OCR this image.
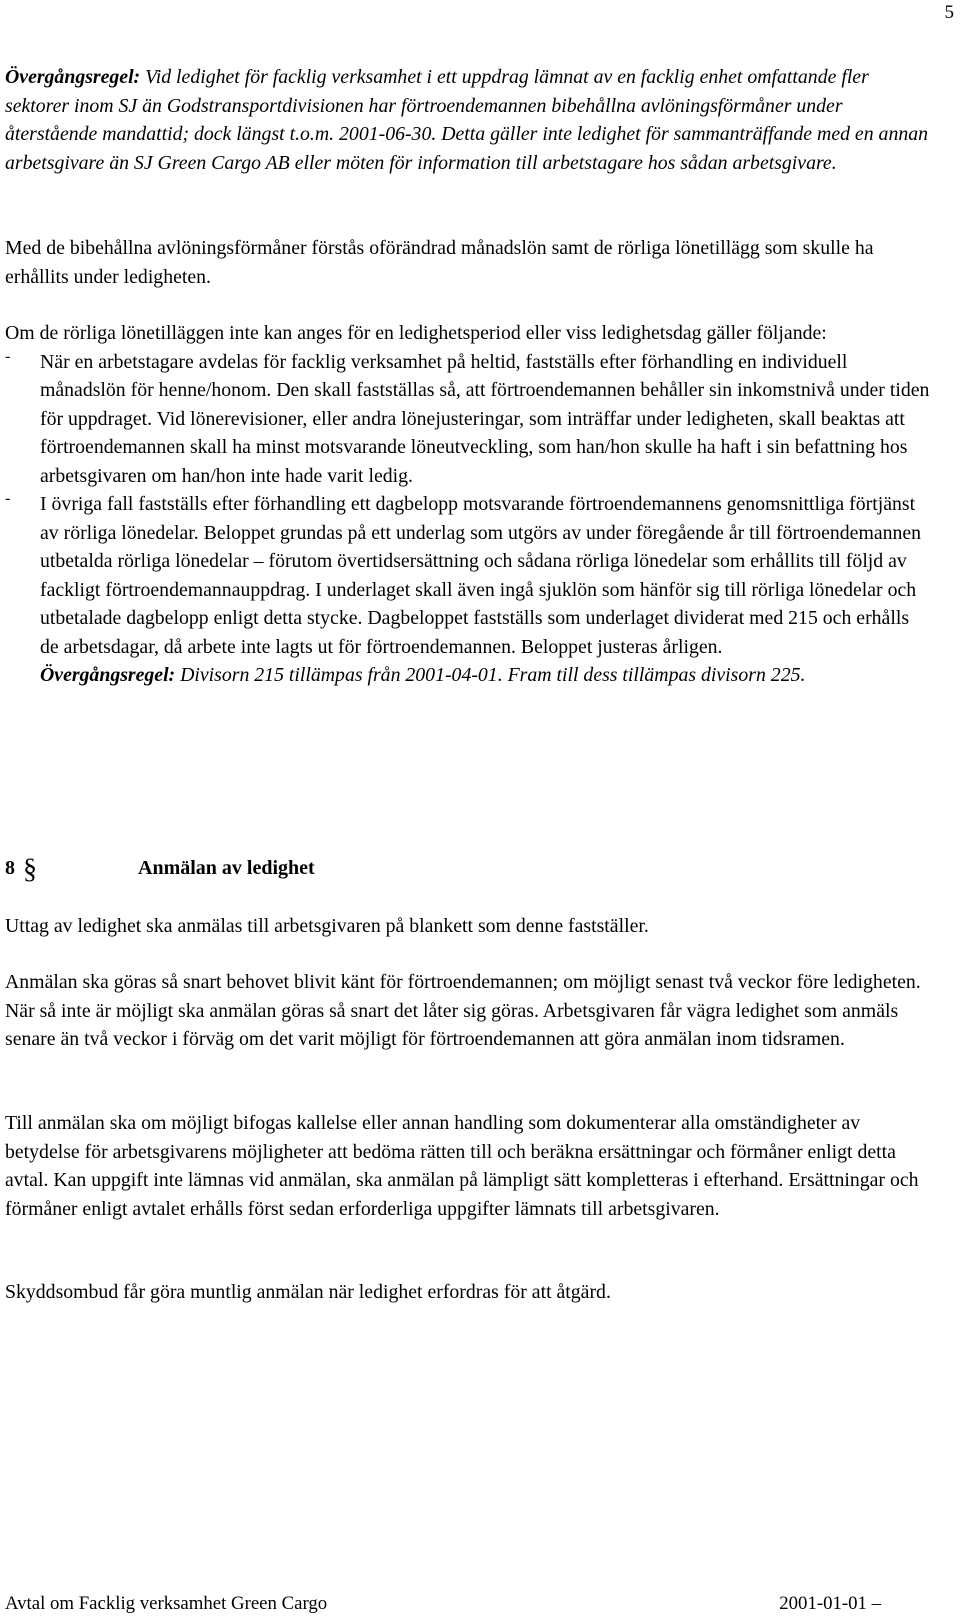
5

Övergångsregel: Vid ledighet för facklig verksamhet i ett uppdrag lämnat av en facklig enhet omfattande fler sektorer inom SJ än Godstransportdivisionen har förtroendemannen bibehållna avlöningsförmåner under återstående mandattid; dock längst t.o.m. 2001-06-30. Detta gäller inte ledighet för sammanträffande med en annan arbetsgivare än SJ Green Cargo AB eller möten för information till arbetstagare hos sådan arbetsgivare.

Med de bibehållna avlöningsförmåner förstås oförändrad månadslön samt de rörliga lönetillägg som skulle ha erhållits under ledigheten.

Om de rörliga lönetilläggen inte kan anges för en ledighetsperiod eller viss ledighetsdag gäller följande:

- När en arbetstagare avdelas för facklig verksamhet på heltid, fastställs efter förhandling en individuell månadslön för henne/honom. Den skall fastställas så, att förtroendemannen behåller sin inkomstnivå under tiden för uppdraget. Vid lönerevisioner, eller andra lönejusteringar, som inträffar under ledigheten, skall beaktas att förtroendemannen skall ha minst motsvarande löneutveckling, som han/hon skulle ha haft i sin befattning hos arbetsgivaren om han/hon inte hade varit ledig.

- I övriga fall fastställs efter förhandling ett dagbelopp motsvarande förtroendemannens genomsnittliga förtjänst av rörliga lönedelar. Beloppet grundas på ett underlag som utgörs av under föregående år till förtroendemannen utbetalda rörliga lönedelar – förutom övertidsersättning och sådana rörliga lönedelar som erhållits till följd av fackligt förtroendemannauppdrag. I underlaget skall även ingå sjuklön som hänför sig till rörliga lönedelar och utbetalade dagbelopp enligt detta stycke. Dagbeloppet fastställs som underlaget dividerat med 215 och erhålls de arbetsdagar, då arbete inte lagts ut för förtroendemannen. Beloppet justeras årligen.

Övergångsregel: Divisorn 215 tillämpas från 2001-04-01. Fram till dess tillämpas divisorn 225.

8 §	Anmälan av ledighet

Uttag av ledighet ska anmälas till arbetsgivaren på blankett som denne fastställer.

Anmälan ska göras så snart behovet blivit känt för förtroendemannen; om möjligt senast två veckor före ledigheten. När så inte är möjligt ska anmälan göras så snart det låter sig göras. Arbetsgivaren får vägra ledighet som anmäls senare än två veckor i förväg om det varit möjligt för förtroendemannen att göra anmälan inom tidsramen.

Till anmälan ska om möjligt bifogas kallelse eller annan handling som dokumenterar alla omständigheter av betydelse för arbetsgivarens möjligheter att bedöma rätten till och beräkna ersättningar och förmåner enligt detta avtal. Kan uppgift inte lämnas vid anmälan, ska anmälan på lämpligt sätt kompletteras i efterhand. Ersättningar och förmåner enligt avtalet erhålls först sedan erforderliga uppgifter lämnats till arbetsgivaren.

Skyddsombud får göra muntlig anmälan när ledighet erfordras för att åtgärd.

Avtal om Facklig verksamhet Green Cargo	2001-01-01 –
